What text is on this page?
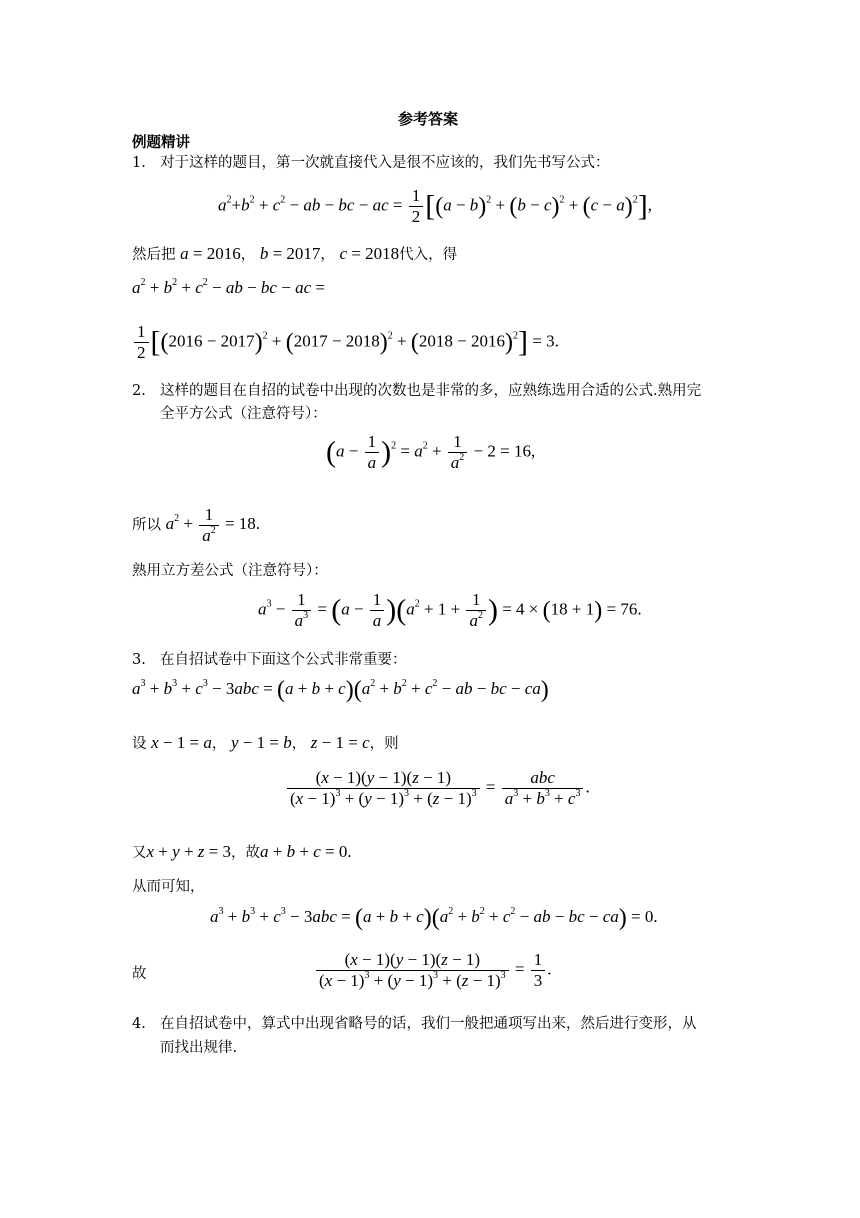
参考答案
例题精讲
1. 对于这样的题目，第一次就直接代入是很不应该的，我们先书写公式：
$a^2+b^2 + c^2$ − ab − bc − ac = $\frac{1}{2} [(a - b)^2 + (b - c)^2 + (c - a)^2]$,
然后把 a = 2016， b = 2017， c = 2018代入，得
$a^2 + b^2 + c^2$ − ab − bc − ac =
$\frac{1}{2} [(2016 - 2017)^2 + (2017 - 2018)^2 + (2018 - 2016)^2] = 3$.
2. 这样的题目在自招的试卷中出现的次数也是非常的多，应熟练选用合适的公式.熟用完
全平方公式（注意符号）：
$(a - \frac{1}{a} )^2 = a^2 + \frac{1}{a^2} - 2 = 16$,
所以 $a^2 + \frac{1}{a^2} = 18$.
熟用立方差公式（注意符号）：
$a^3 - \frac{1}{a^3} = (a - \frac{1}{a} )(a^2 + 1 + \frac{1}{a^2}$ ) = 4 × (18 + 1) = 76.
3. 在自招试卷中下面这个公式非常重要：
$a^3 + b^3 + c^3 - 3abc = (a + b + c)(a^2 + b^2 + c^2$ − ab − bc − ca)
设 x − 1 = a， y − 1 = b， z − 1 = c，则
$\frac{(x - 1)(y - 1)(z - 1)}{(x - 1)^3 + (y - 1)^3 + (z - 1)^3} = \frac{\text{abc}}{a^3 + b^3 + c^3}$ .
又x + y + z = 3，故a + b + c = 0.
从而可知，
$a^3 + b^3 + c^3 - 3abc = (a + b + c)(a^2 + b^2 + c^2$ − ab − bc − ca) = 0.
故	$\frac{(x - 1)(y - 1)(z - 1)}{(x - 1)^3 + (y - 1)^3 + (z - 1)^3} = \frac{1}{3}$ .
4. 在自招试卷中，算式中出现省略号的话，我们一般把通项写出来，然后进行变形，从
而找出规律.
